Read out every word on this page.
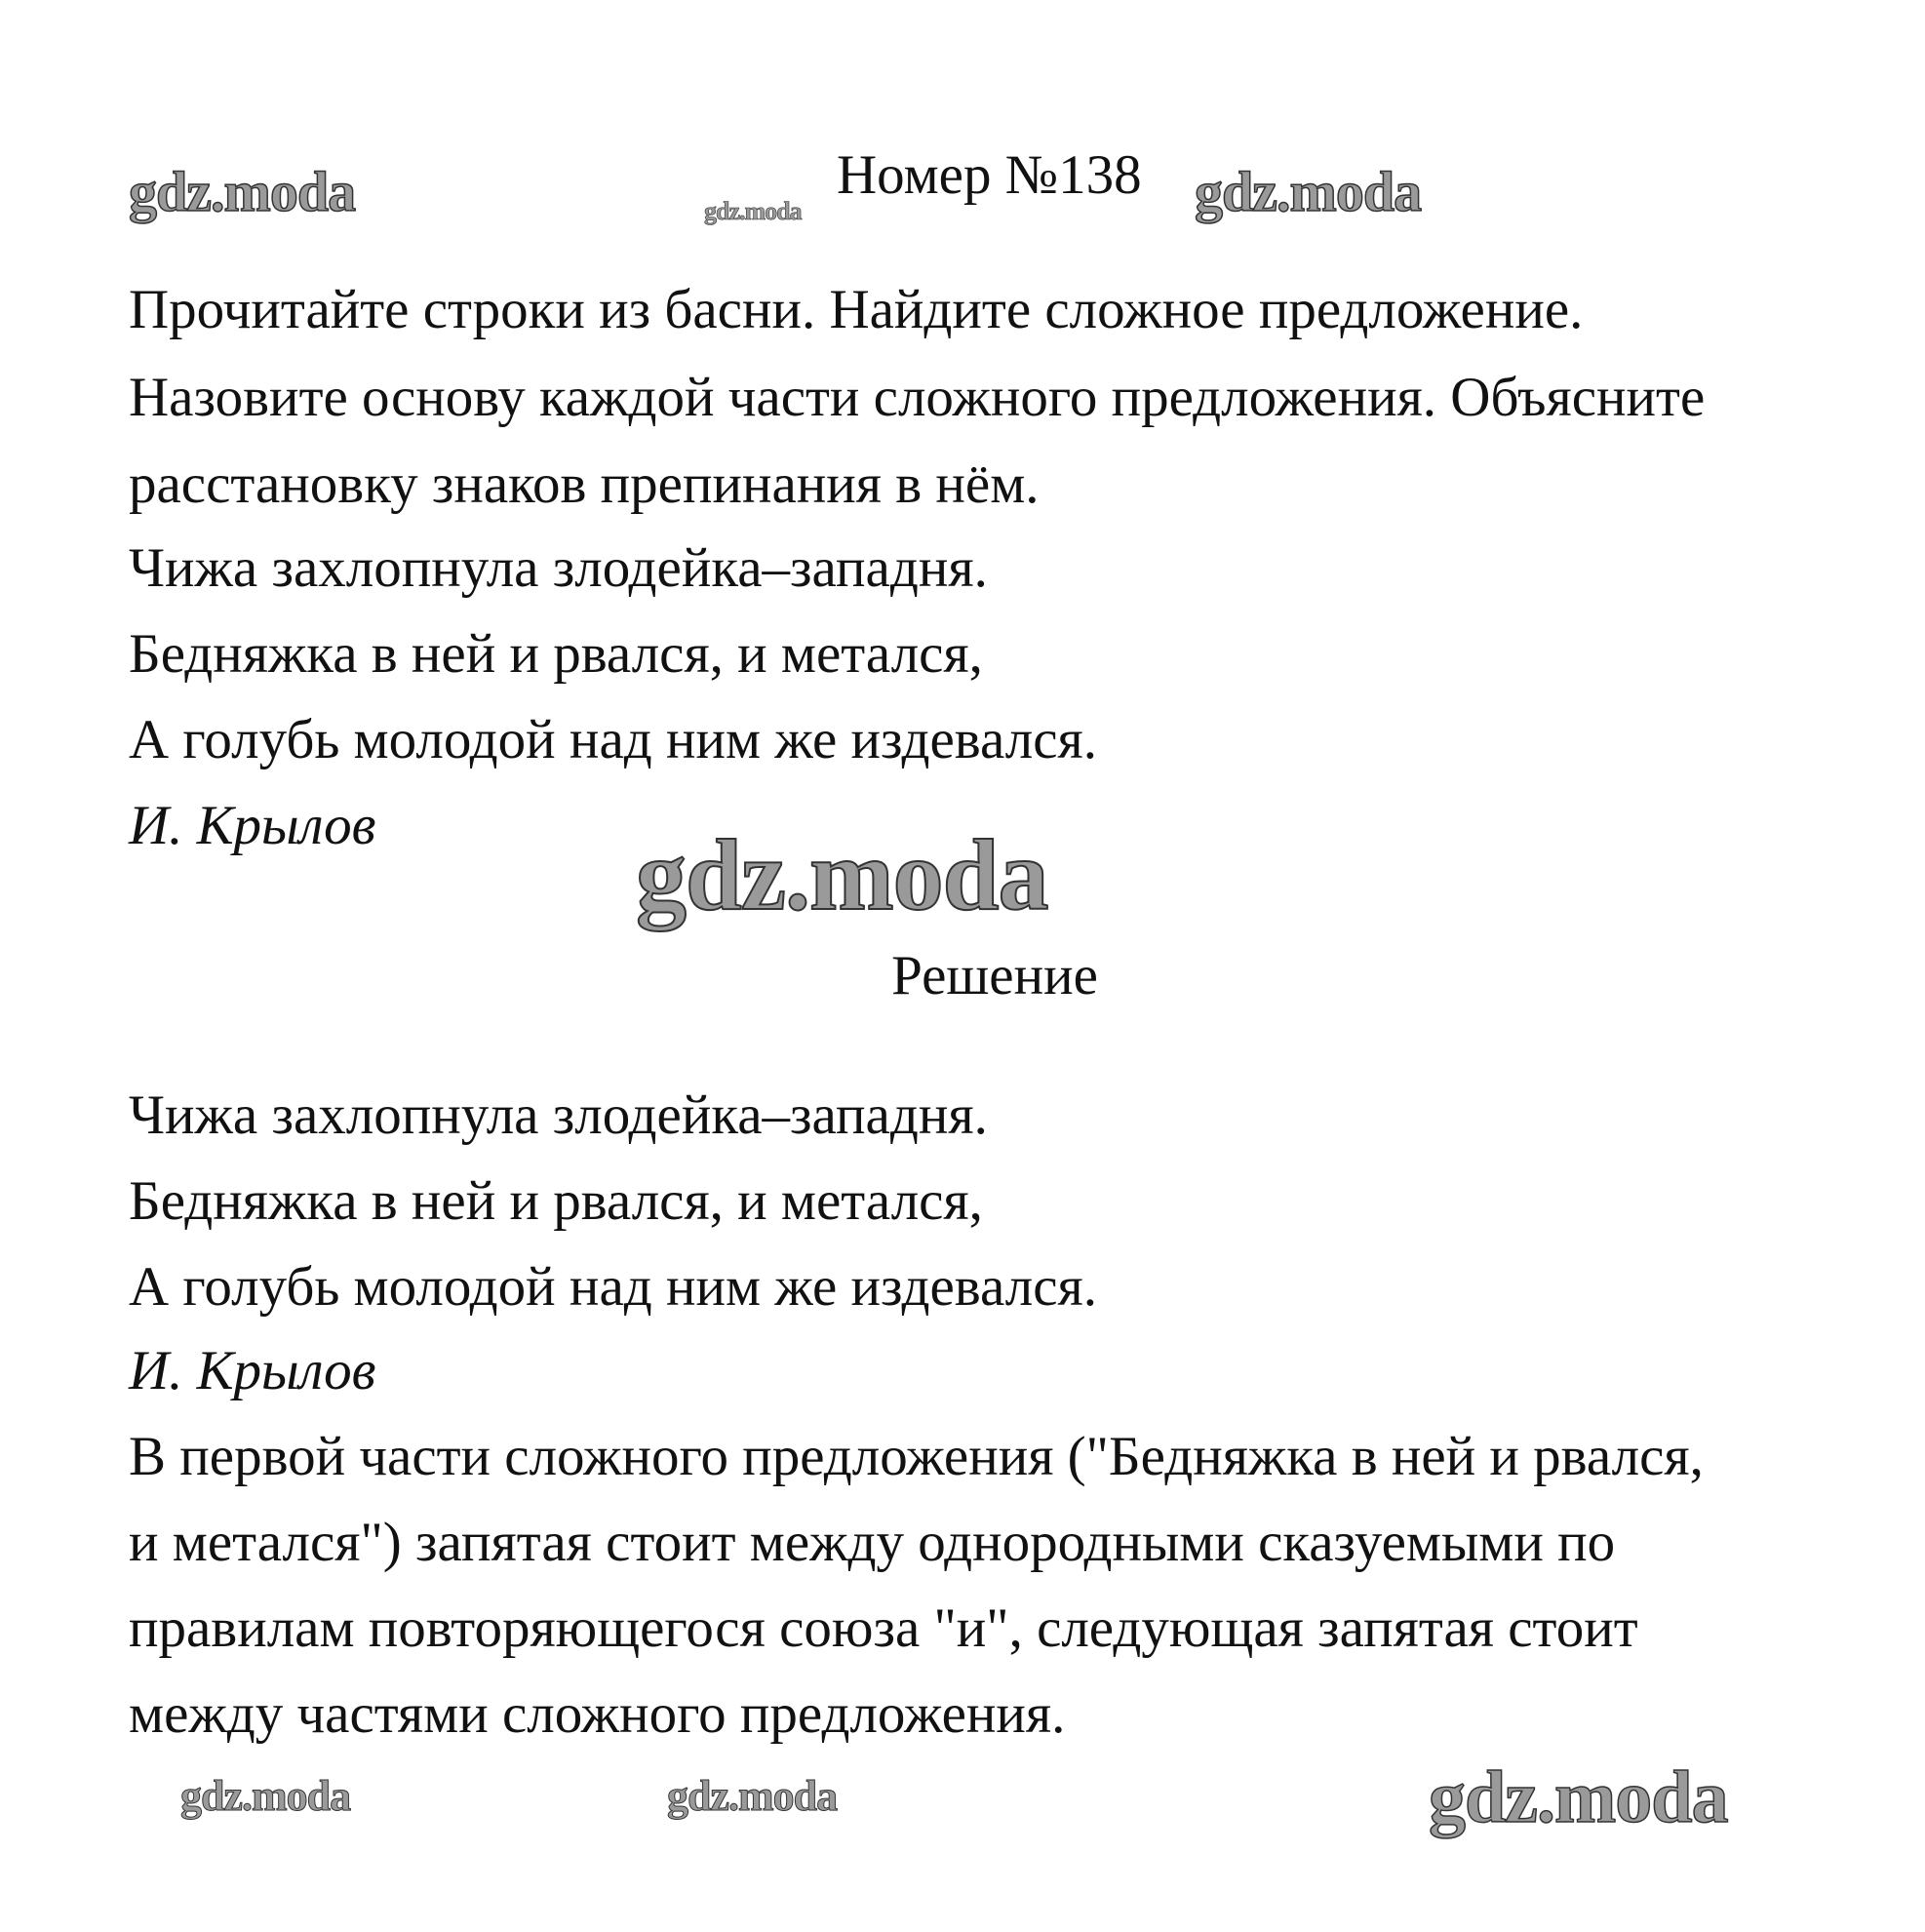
gdz.moda	gdz.moda
Номер №138 gdz.moda
Прочитайте строки из басни. Найдите сложное предложение.
Назовите основу каждой части сложного предложения. Объясните
расстановку знаков препинания в нём.
Чижа захлопнула злодейка–западня.
Бедняжка в ней и рвался, и метался,
А голубь молодой над ним же издевался.
И. Крылов	gdz.moda
Решение
Чижа захлопнула злодейка–западня.
Бедняжка в ней и рвался, и метался,
А голубь молодой над ним же издевался.
И. Крылов
В первой части сложного предложения ("Бедняжка в ней и рвался,
и метался") запятая стоит между однородными сказуемыми по
правилам повторяющегося союза "и", следующая запятая стоит
между частями сложного предложения.
gdz.moda	gdz.moda	gdz.moda
